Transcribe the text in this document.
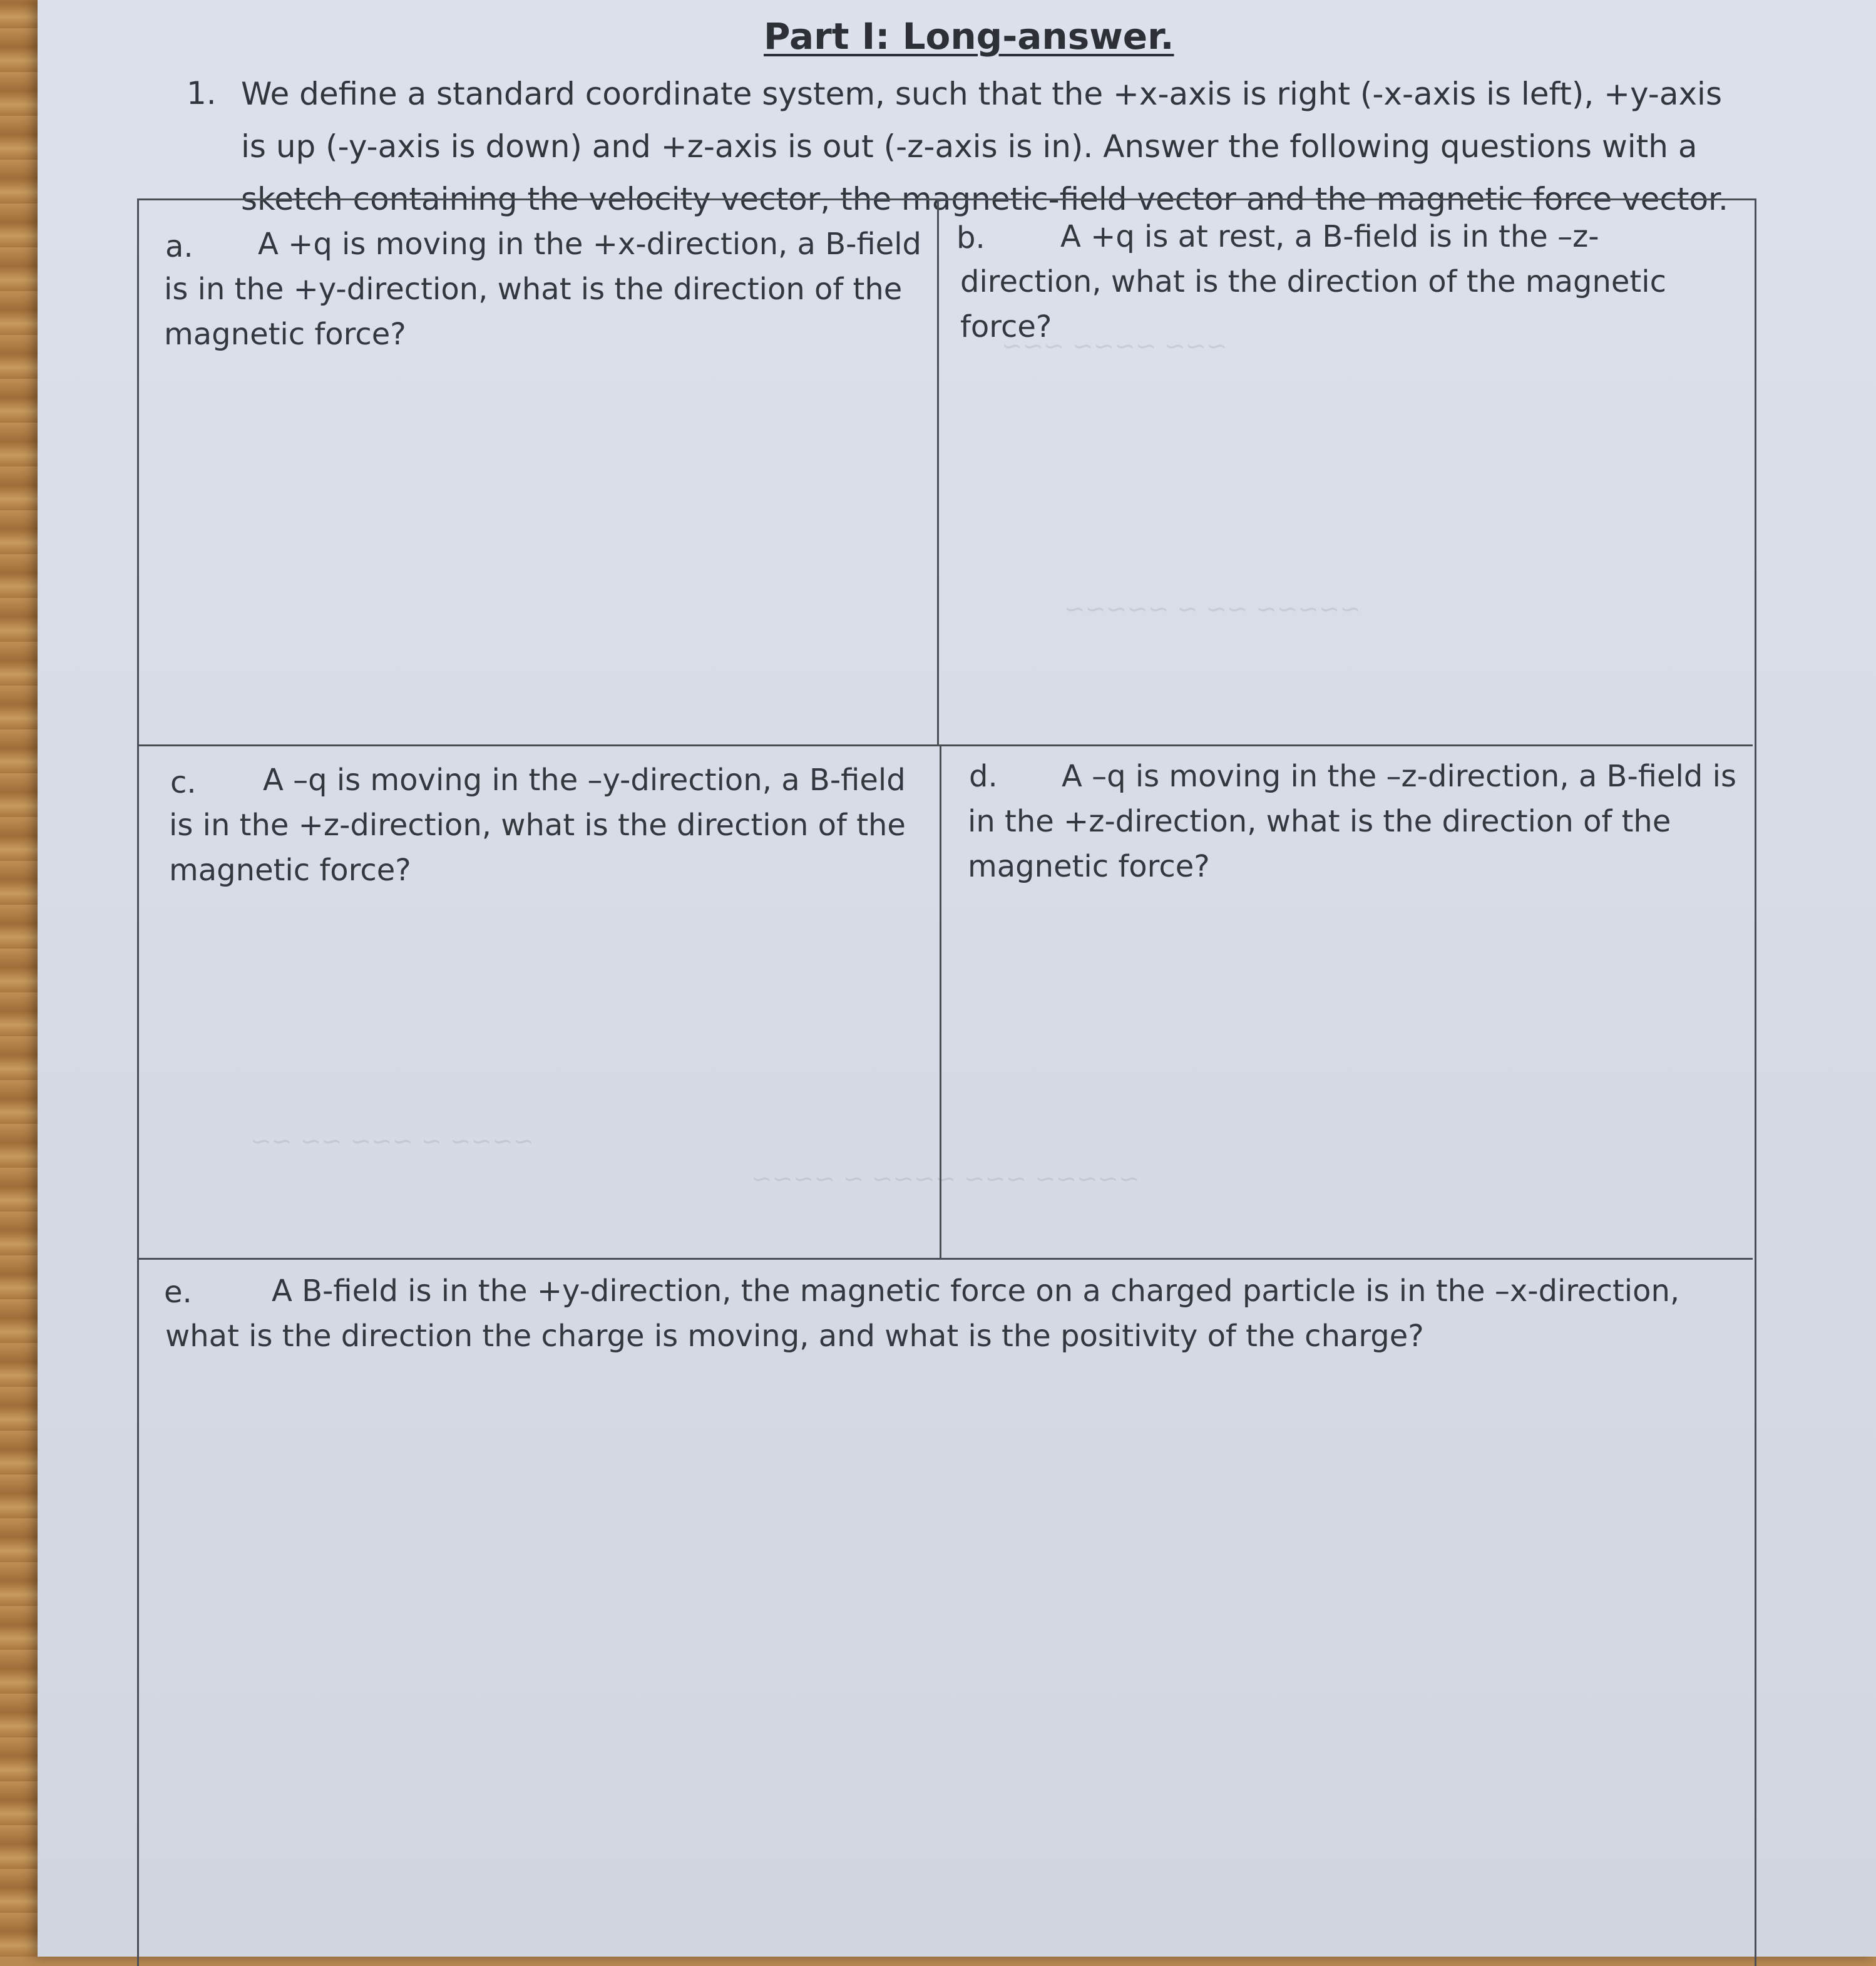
~~~ ~~~~ ~~~
~~~~~ ~~ ~ ~~~~~
~~~~ ~ ~~~ ~~ ~~
~~~~~ ~~~ ~~~~ ~ ~~~~
Part I: Long-answer.
1. We define a standard coordinate system, such that the +x-axis is right (-x-axis is left), +y-axis is up (-y-axis is down) and +z-axis is out (-z-axis is in). Answer the following questions with a sketch containing the velocity vector, the magnetic-field vector and the magnetic force vector.
a.	A +q is moving in the +x-direction, a B-field is in the +y-direction, what is the direction of the magnetic force?
b.	A +q is at rest, a B-field is in the –z-direction, what is the direction of the magnetic force?
c.	A –q is moving in the –y-direction, a B-field is in the +z-direction, what is the direction of the magnetic force?
d.	A –q is moving in the –z-direction, a B-field is in the +z-direction, what is the direction of the magnetic force?
e.	A B-field is in the +y-direction, the magnetic force on a charged particle is in the –x-direction, what is the direction the charge is moving, and what is the positivity of the charge?
